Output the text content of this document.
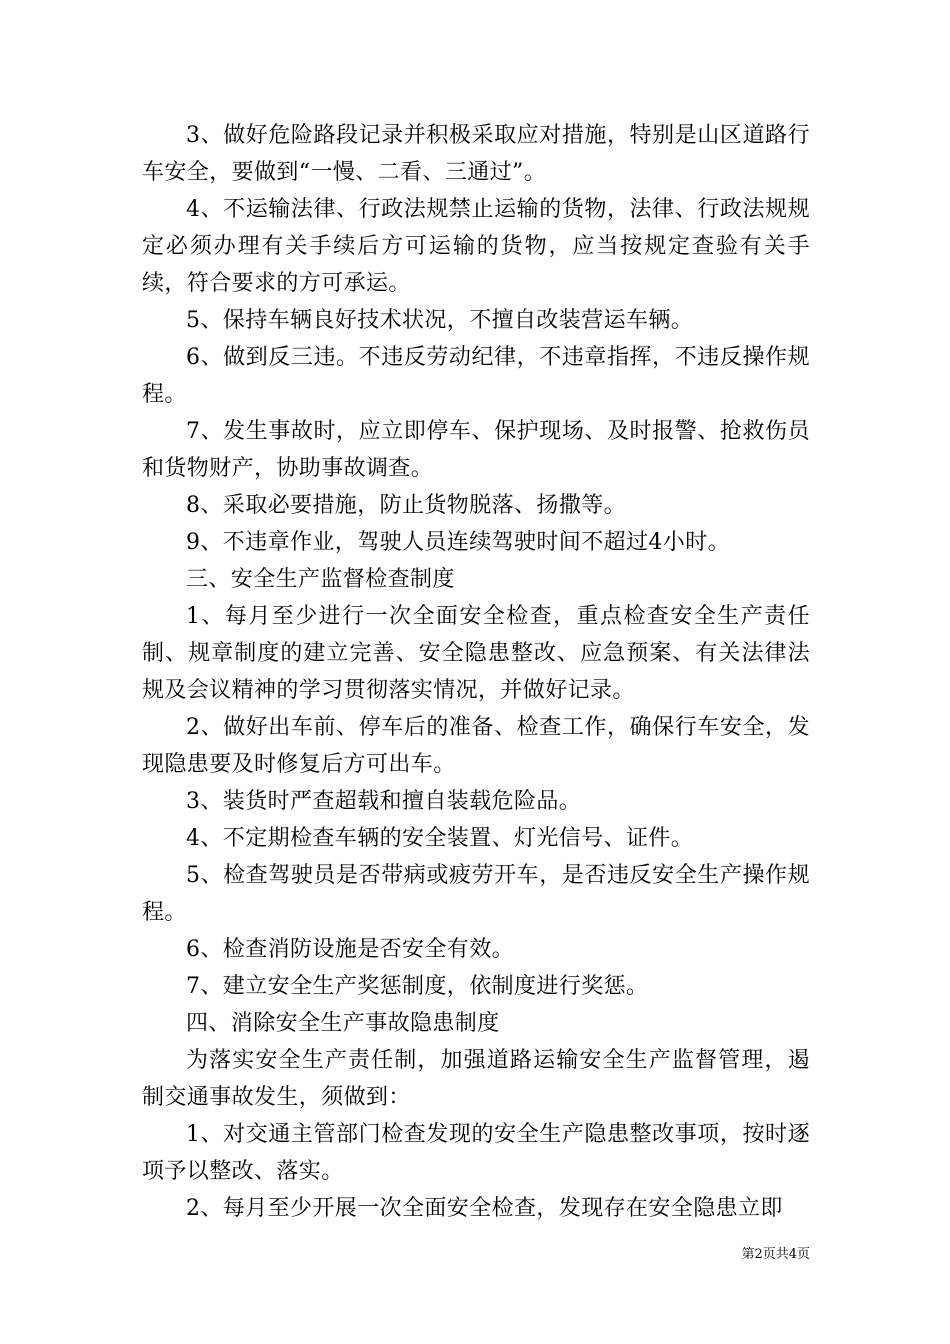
3、做好危险路段记录并积极采取应对措施，特别是山区道路行车安全，要做到“一慢、二看、三通过”。

4、不运输法律、行政法规禁止运输的货物，法律、行政法规规定必须办理有关手续后方可运输的货物，应当按规定查验有关手续，符合要求的方可承运。

5、保持车辆良好技术状况，不擅自改装营运车辆。

6、做到反三违。不违反劳动纪律，不违章指挥，不违反操作规程。

7、发生事故时，应立即停车、保护现场、及时报警、抢救伤员和货物财产，协助事故调查。

8、采取必要措施，防止货物脱落、扬撒等。

9、不违章作业，驾驶人员连续驾驶时间不超过4小时。

三、安全生产监督检查制度

1、每月至少进行一次全面安全检查，重点检查安全生产责任制、规章制度的建立完善、安全隐患整改、应急预案、有关法律法规及会议精神的学习贯彻落实情况，并做好记录。

2、做好出车前、停车后的准备、检查工作，确保行车安全，发现隐患要及时修复后方可出车。

3、装货时严查超载和擅自装载危险品。

4、不定期检查车辆的安全装置、灯光信号、证件。

5、检查驾驶员是否带病或疲劳开车，是否违反安全生产操作规程。

6、检查消防设施是否安全有效。

7、建立安全生产奖惩制度，依制度进行奖惩。

四、消除安全生产事故隐患制度

为落实安全生产责任制，加强道路运输安全生产监督管理，遏制交通事故发生，须做到：

1、对交通主管部门检查发现的安全生产隐患整改事项，按时逐项予以整改、落实。

2、每月至少开展一次全面安全检查，发现存在安全隐患立即

第2页共4页
